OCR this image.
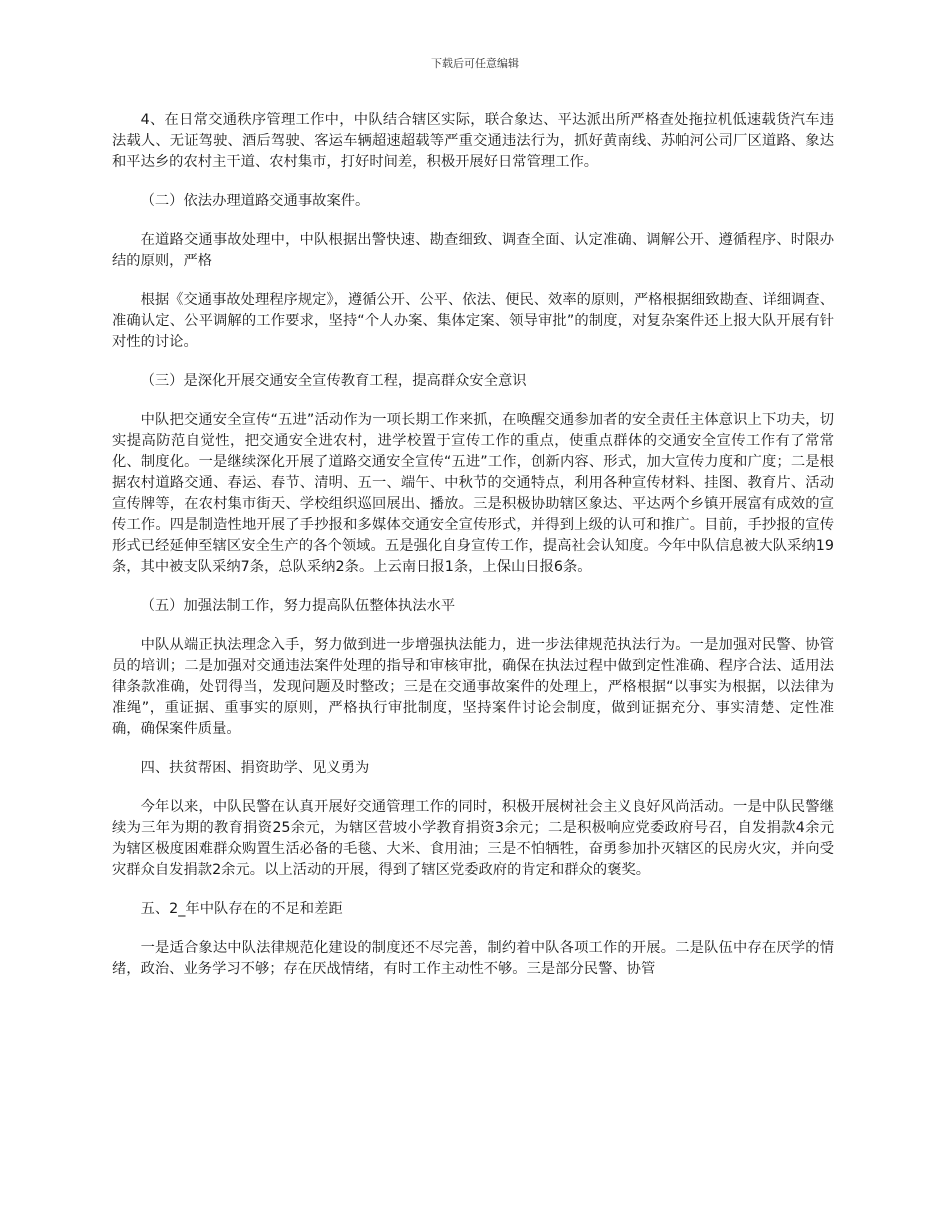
下载后可任意编辑

4、在日常交通秩序管理工作中，中队结合辖区实际，联合象达、平达派出所严格查处拖拉机低速载货汽车违法载人、无证驾驶、酒后驾驶、客运车辆超速超载等严重交通违法行为，抓好黄南线、苏帕河公司厂区道路、象达和平达乡的农村主干道、农村集市，打好时间差，积极开展好日常管理工作。

（二）依法办理道路交通事故案件。

在道路交通事故处理中，中队根据出警快速、勘查细致、调查全面、认定准确、调解公开、遵循程序、时限办结的原则，严格

根据《交通事故处理程序规定》，遵循公开、公平、依法、便民、效率的原则，严格根据细致勘查、详细调查、准确认定、公平调解的工作要求，坚持“个人办案、集体定案、领导审批”的制度，对复杂案件还上报大队开展有针对性的讨论。

（三）是深化开展交通安全宣传教育工程，提高群众安全意识

中队把交通安全宣传“五进”活动作为一项长期工作来抓，在唤醒交通参加者的安全责任主体意识上下功夫，切实提高防范自觉性，把交通安全进农村，进学校置于宣传工作的重点，使重点群体的交通安全宣传工作有了常常化、制度化。一是继续深化开展了道路交通安全宣传“五进”工作，创新内容、形式，加大宣传力度和广度；二是根据农村道路交通、春运、春节、清明、五一、端午、中秋节的交通特点，利用各种宣传材料、挂图、教育片、活动宣传牌等，在农村集市街天、学校组织巡回展出、播放。三是积极协助辖区象达、平达两个乡镇开展富有成效的宣传工作。四是制造性地开展了手抄报和多媒体交通安全宣传形式，并得到上级的认可和推广。目前，手抄报的宣传形式已经延伸至辖区安全生产的各个领域。五是强化自身宣传工作，提高社会认知度。今年中队信息被大队采纳19条，其中被支队采纳7条，总队采纳2条。上云南日报1条，上保山日报6条。

（五）加强法制工作，努力提高队伍整体执法水平

中队从端正执法理念入手，努力做到进一步增强执法能力，进一步法律规范执法行为。一是加强对民警、协管员的培训；二是加强对交通违法案件处理的指导和审核审批，确保在执法过程中做到定性准确、程序合法、适用法律条款准确，处罚得当，发现问题及时整改；三是在交通事故案件的处理上，严格根据“以事实为根据，以法律为准绳”，重证据、重事实的原则，严格执行审批制度，坚持案件讨论会制度，做到证据充分、事实清楚、定性准确，确保案件质量。

四、扶贫帮困、捐资助学、见义勇为

今年以来，中队民警在认真开展好交通管理工作的同时，积极开展树社会主义良好风尚活动。一是中队民警继续为三年为期的教育捐资25余元，为辖区营坡小学教育捐资3余元；二是积极响应党委政府号召，自发捐款4余元为辖区极度困难群众购置生活必备的毛毯、大米、食用油；三是不怕牺牲，奋勇参加扑灭辖区的民房火灾，并向受灾群众自发捐款2余元。以上活动的开展，得到了辖区党委政府的肯定和群众的褒奖。

五、2_年中队存在的不足和差距

一是适合象达中队法律规范化建设的制度还不尽完善，制约着中队各项工作的开展。二是队伍中存在厌学的情绪，政治、业务学习不够；存在厌战情绪，有时工作主动性不够。三是部分民警、协管
